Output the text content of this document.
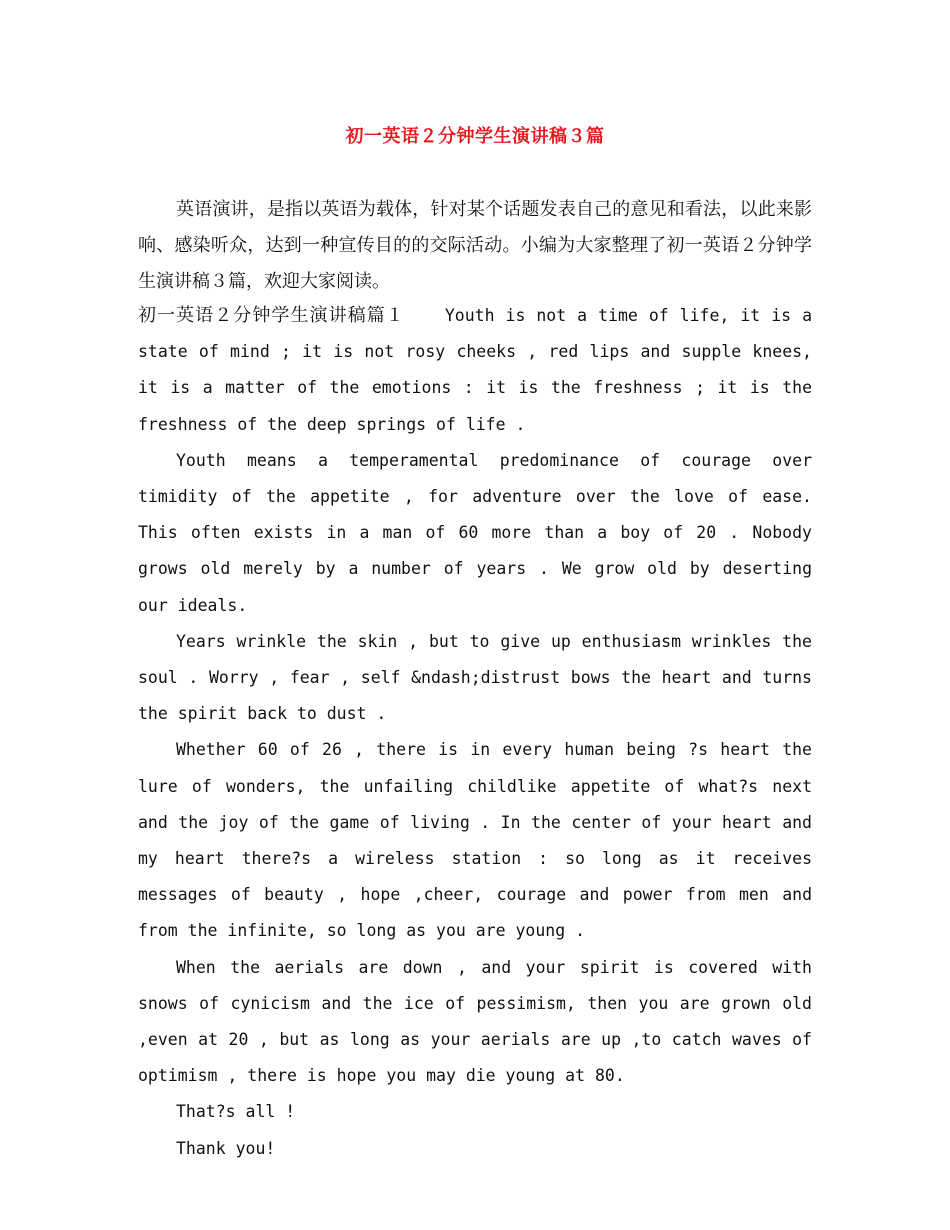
初一英语２分钟学生演讲稿３篇

英语演讲，是指以英语为载体，针对某个话题发表自己的意见和看法，以此来影响、感染听众，达到一种宣传目的的交际活动。小编为大家整理了初一英语２分钟学生演讲稿３篇，欢迎大家阅读。

初一英语２分钟学生演讲稿篇１ Youth is not a time of life, it is a state of mind ; it is not rosy cheeks , red lips and supple knees, it is a matter of the emotions : it is the freshness ; it is the freshness of the deep springs of life .

Youth means a temperamental predominance of courage over timidity of the appetite , for adventure over the love of ease. This often exists in a man of 60 more than a boy of 20 . Nobody grows old merely by a number of years . We grow old by deserting our ideals.

Years wrinkle the skin , but to give up enthusiasm wrinkles the soul . Worry , fear , self &ndash;distrust bows the heart and turns the spirit back to dust .

Whether 60 of 26 , there is in every human being ?s heart the lure of wonders, the unfailing childlike appetite of what?s next and the joy of the game of living . In the center of your heart and my heart there?s a wireless station : so long as it receives messages of beauty , hope ,cheer, courage and power from men and from the infinite, so long as you are young .

When the aerials are down , and your spirit is covered with snows of cynicism and the ice of pessimism, then you are grown old ,even at 20 , but as long as your aerials are up ,to catch waves of optimism , there is hope you may die young at 80.

That?s all !

Thank you!
